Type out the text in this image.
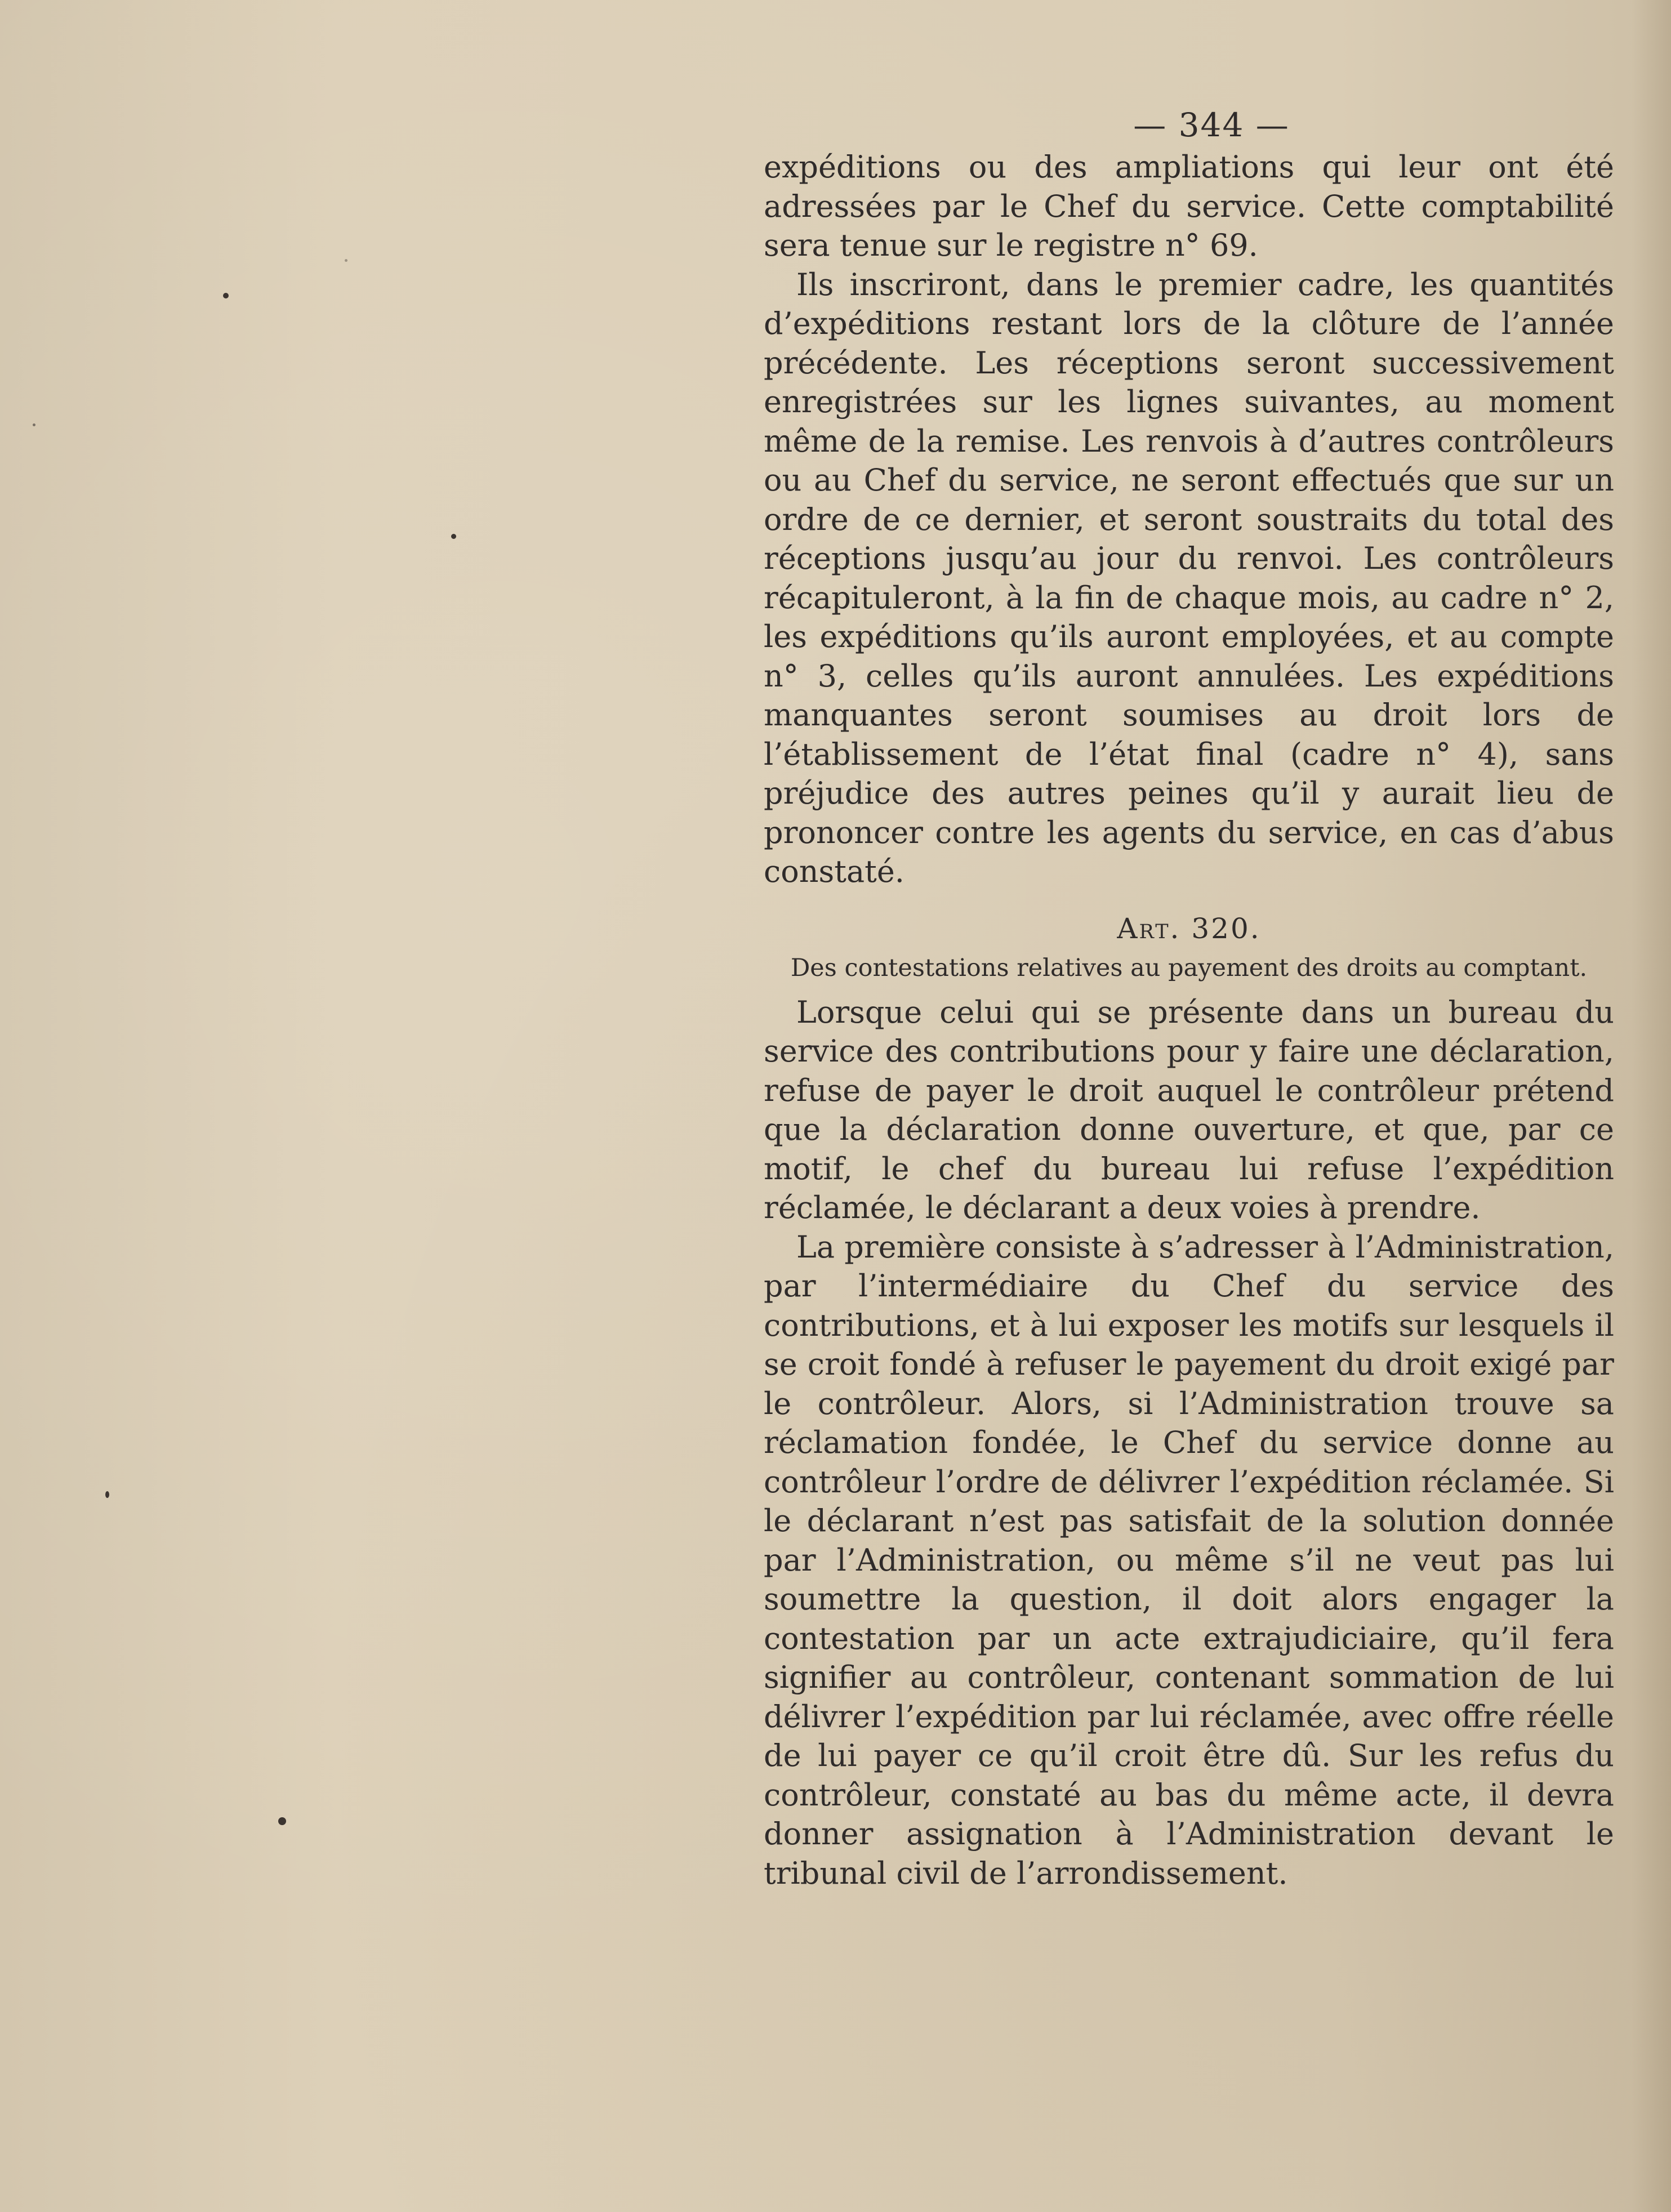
— 344 —

expéditions ou des ampliations qui leur ont été adressées par le Chef du service. Cette comptabilité sera tenue sur le registre n° 69.

Ils inscriront, dans le premier cadre, les quantités d’expéditions restant lors de la clôture de l’année précédente. Les réceptions seront successivement enregistrées sur les lignes suivantes, au moment même de la remise. Les renvois à d’autres contrôleurs ou au Chef du service, ne seront effectués que sur un ordre de ce dernier, et seront soustraits du total des réceptions jusqu’au jour du renvoi. Les contrôleurs récapituleront, à la fin de chaque mois, au cadre n° 2, les expéditions qu’ils auront employées, et au compte n° 3, celles qu’ils auront annulées. Les expéditions manquantes seront soumises au droit lors de l’établissement de l’état final (cadre n° 4), sans préjudice des autres peines qu’il y aurait lieu de prononcer contre les agents du service, en cas d’abus constaté.

Art. 320.
Des contestations relatives au payement des droits au comptant.

Lorsque celui qui se présente dans un bureau du service des contributions pour y faire une déclaration, refuse de payer le droit auquel le contrôleur prétend que la déclaration donne ouverture, et que, par ce motif, le chef du bureau lui refuse l’expédition réclamée, le déclarant a deux voies à prendre.

La première consiste à s’adresser à l’Administration, par l’intermédiaire du Chef du service des contributions, et à lui exposer les motifs sur lesquels il se croit fondé à refuser le payement du droit exigé par le contrôleur. Alors, si l’Administration trouve sa réclamation fondée, le Chef du service donne au contrôleur l’ordre de délivrer l’expédition réclamée. Si le déclarant n’est pas satisfait de la solution donnée par l’Administration, ou même s’il ne veut pas lui soumettre la question, il doit alors engager la contestation par un acte extrajudiciaire, qu’il fera signifier au contrôleur, contenant sommation de lui délivrer l’expédition par lui réclamée, avec offre réelle de lui payer ce qu’il croit être dû. Sur les refus du contrôleur, constaté au bas du même acte, il devra donner assignation à l’Administration devant le tribunal civil de l’arrondissement.
